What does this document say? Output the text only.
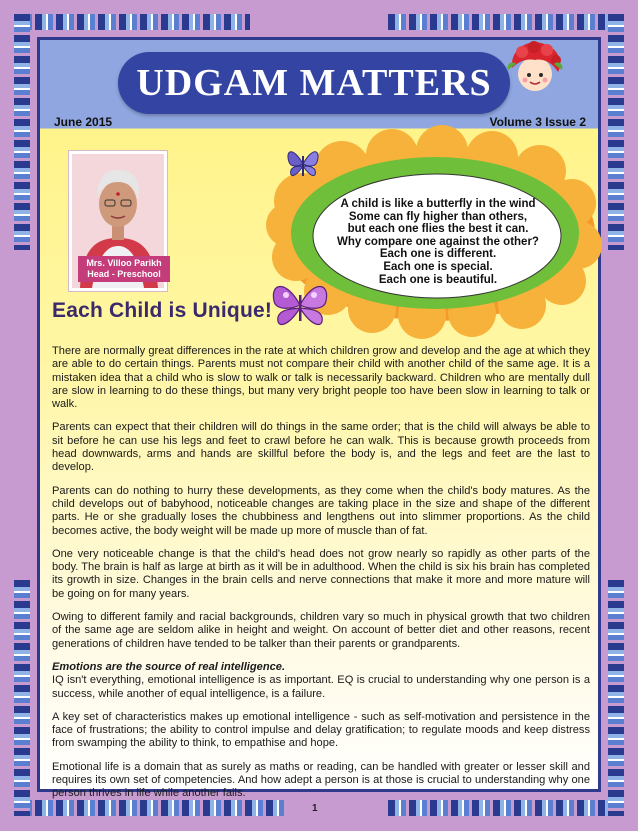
UDGAM MATTERS
June 2015	Volume 3 Issue 2
Mrs. Villoo Parikh
Head - Preschool
A child is like a butterfly in the wind
Some can fly higher than others,
but each one flies the best it can.
Why compare one against the other?
Each one is different.
Each one is special.
Each one is beautiful.
Each Child is Unique!

There are normally great differences in the rate at which children grow and develop and the age at which they are able to do certain things. Parents must not compare their child with another child of the same age. It is a mistaken idea that a child who is slow to walk or talk is necessarily backward. Children who are mentally dull are slow in learning to do these things, but many very bright people too have been slow in learning to talk or walk.

Parents can expect that their children will do things in the same order; that is the child will always be able to sit before he can use his legs and feet to crawl before he can walk. This is because growth proceeds from head downwards, arms and hands are skillful before the body is, and the legs and feet are the last to develop.

Parents can do nothing to hurry these developments, as they come when the child's body matures. As the child develops out of babyhood, noticeable changes are taking place in the size and shape of the different parts. He or she gradually loses the chubbiness and lengthens out into slimmer proportions. As the child becomes active, the body weight will be made up more of muscle than of fat.

One very noticeable change is that the child's head does not grow nearly so rapidly as other parts of the body. The brain is half as large at birth as it will be in adulthood. When the child is six his brain has completed its growth in size. Changes in the brain cells and nerve connections that make it more and more mature will be going on for many years.

Owing to different family and racial backgrounds, children vary so much in physical growth that two children of the same age are seldom alike in height and weight. On account of better diet and other reasons, recent generations of children have tended to be talker than their parents or grandparents.

Emotions are the source of real intelligence.

IQ isn't everything, emotional intelligence is as important. EQ is crucial to understanding why one person is a success, while another of equal intelligence, is a failure.

A key set of characteristics makes up emotional intelligence - such as self-motivation and persistence in the face of frustrations; the ability to control impulse and delay gratification; to regulate moods and keep distress from swamping the ability to think, to empathise and hope.

Emotional life is a domain that as surely as maths or reading, can be handled with greater or lesser skill and requires its own set of competencies. And how adept a person is at those is crucial to understanding why one person thrives in life while another fails.

1
